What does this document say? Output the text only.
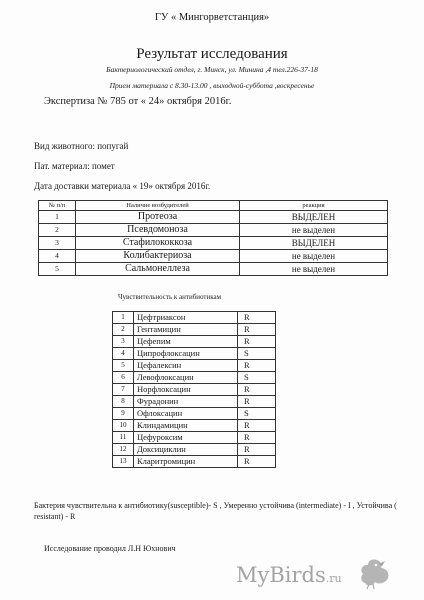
ГУ « Мингорветстанция»
Результат исследования
Бактериологический отдел, г. Минск, ул. Минина ,4 тел.226-37-18
Прием материала с 8.30-13.00 , выходной-суббота ,воскресенье
Экспертиза № 785 от « 24» октября 2016г.
Вид животного: попугай
Пат. материал: помет
Дата доставки материала « 19» октября 2016г.
№ п/п	Наличие возбудителей	реакция
1	Протеоза	ВЫДЕЛЕН
2	Псевдомоноза	не выделен
3	Стафилококкоза	ВЫДЕЛЕН
4	Колибактериоза	не выделен
5	Сальмонеллеза	не выделен
Чувствительность к антибиотикам
1	Цефтриаксон	R
2	Гентамицин	R
3	Цефепим	R
4	Ципрофлоксацин	S
5	Цефалексин	R
6	Левофлоксацин	S
7	Норфлоксацин	R
8	Фурадонин	R
9	Офлоксацин	S
10	Клиндамицин	R
11	Цефуроксим	R
12	Доксициклин	R
13	Кларитромицин	R
Бактерия чувствительна к антибиотику(susceptible)- S , Умеренно устойчива (intermediate) - I , Устойчива ( resistant) - R
Исследование проводил Л.Н Юхнович
MyBirds.ru
